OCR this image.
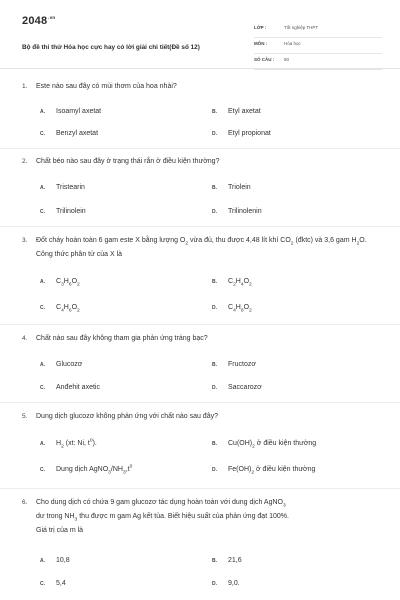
$2048^{.vn}$
Bộ đề thi thử Hóa học cực hay có lời giải chi tiết(Đề số 12)
LỚP :	Tốt nghiệp THPT
MÔN :	Hóa học
SỐ CÂU : 50
1. Este nào sau đây có mùi thơm của hoa nhài?
A. Isoamyl axetat	B. Etyl axetat
C. Benzyl axetat	D. Etyl propionat
2. Chất béo nào sau đây ở trạng thái rắn ở điều kiện thường?
A. Tristearin	B. Triolein
C. Trilinolein	D. Trilinolenin
3. Đốt cháy hoàn toàn 6 gam este X bằng lượng $O_2$ vừa đủ, thu được 4,48 lít khí $CO_2$ (đktc) và 3,6 gam $H_2O$. Công thức phân tử của X là
A. $C_3H_6O_2$	B. $C_2H_4O_2$
C. $C_4H_6O_2$	D. $C_4H_8O_2$
4. Chất nào sau đây không tham gia phản ứng tráng bạc?
A. Glucozơ	B. Fructozơ
C. Anđehit axetic	D. Saccarozơ
5. Dung dịch glucozơ không phản ứng với chất nào sau đây?
A. $H_2$ (xt: Ni, $t^0$).	B. $Cu(OH)_2$ ở điều kiện thường
C. Dung dịch $AgNO_3/NH_3,t^0$	D. $Fe(OH)_2$ ở điều kiện thường
6. Cho dung dịch có chứa 9 gam glucozơ tác dụng hoàn toàn với dung dịch AgNO$_3$
dư trong $NH_3$ thu được m gam Ag kết tủa. Biết hiệu suất của phản ứng đạt 100%.
Giá trị của m là
A. 10,8	B. 21,6
C. 5,4	D. 9,0.
